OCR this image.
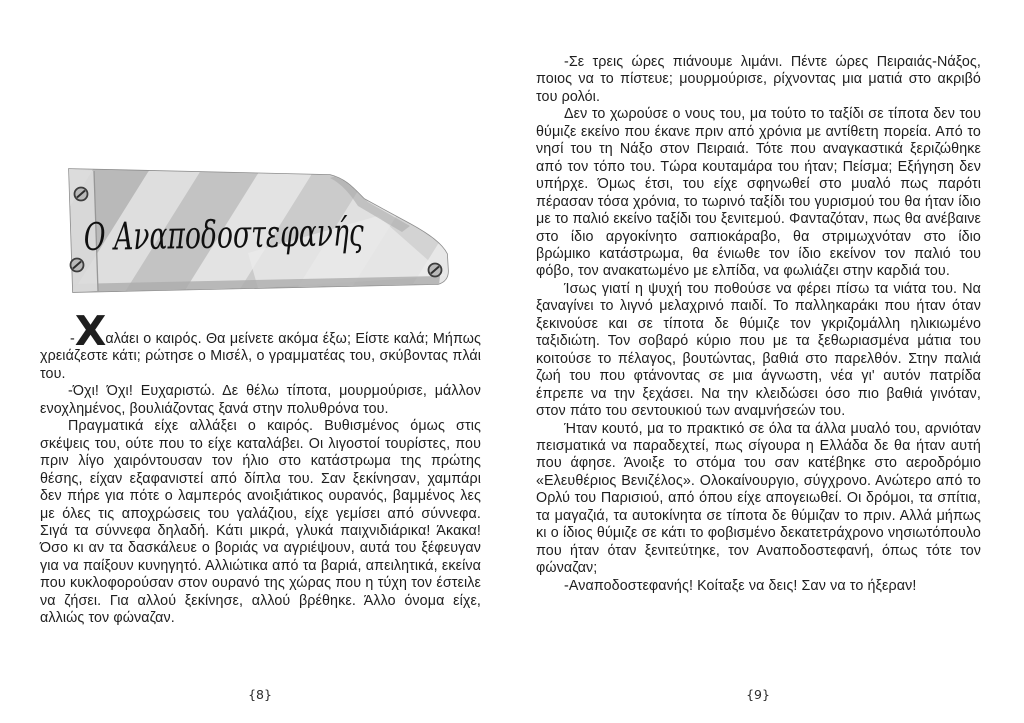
Ο Αναποδοστεφανής

-Χαλάει ο καιρός. Θα μείνετε ακόμα έξω; Είστε καλά; Μήπως χρειάζεστε κάτι; ρώτησε ο Μισέλ, ο γραμματέας του, σκύβοντας πλάι του.

-Όχι! Όχι! Ευχαριστώ. Δε θέλω τίποτα, μουρμούρισε, μάλλον ενοχλημένος, βουλιάζοντας ξανά στην πολυθρόνα του.

Πραγματικά είχε αλλάξει ο καιρός. Βυθισμένος όμως στις σκέψεις του, ούτε που το είχε καταλάβει. Οι λιγοστοί τουρίστες, που πριν λίγο χαιρόντουσαν τον ήλιο στο κατάστρωμα της πρώτης θέσης, είχαν εξαφανιστεί από δίπλα του. Σαν ξεκίνησαν, χαμπάρι δεν πήρε για πότε ο λαμπερός ανοιξιάτικος ουρανός, βαμμένος λες με όλες τις αποχρώσεις του γαλάζιου, είχε γεμίσει από σύννεφα. Σιγά τα σύννεφα δηλαδή. Κάτι μικρά, γλυκά παιχνιδιάρικα! Άκακα! Όσο κι αν τα δασκάλευε ο βοριάς να αγριέψουν, αυτά του ξέφευγαν για να παίξουν κυνηγητό. Αλλιώτικα από τα βαριά, απειλητικά, εκείνα που κυκλοφορούσαν στον ουρανό της χώρας που η τύχη τον έστειλε να ζήσει. Για αλλού ξεκίνησε, αλλού βρέθηκε. Άλλο όνομα είχε, αλλιώς τον φώναζαν.

{8}

-Σε τρεις ώρες πιάνουμε λιμάνι. Πέντε ώρες Πειραιάς-Νάξος, ποιος να το πίστευε; μουρμούρισε, ρίχνοντας μια ματιά στο ακριβό του ρολόι.

Δεν το χωρούσε ο νους του, μα τούτο το ταξίδι σε τίποτα δεν του θύμιζε εκείνο που έκανε πριν από χρόνια με αντίθετη πορεία. Από το νησί του τη Νάξο στον Πειραιά. Τότε που αναγκαστικά ξεριζώθηκε από τον τόπο του. Τώρα κουταμάρα του ήταν; Πείσμα; Εξήγηση δεν υπήρχε. Όμως έτσι, του είχε σφηνωθεί στο μυαλό πως παρότι πέρασαν τόσα χρόνια, το τωρινό ταξίδι του γυρισμού του θα ήταν ίδιο με το παλιό εκείνο ταξίδι του ξενιτεμού. Φανταζόταν, πως θα ανέβαινε στο ίδιο αργοκίνητο σαπιοκάραβο, θα στριμωχνόταν στο ίδιο βρώμικο κατάστρωμα, θα ένιωθε τον ίδιο εκείνον τον παλιό του φόβο, τον ανακατωμένο με ελπίδα, να φωλιάζει στην καρδιά του.

Ίσως γιατί η ψυχή του ποθούσε να φέρει πίσω τα νιάτα του. Να ξαναγίνει το λιγνό μελαχρινό παιδί. Το παλληκαράκι που ήταν όταν ξεκινούσε και σε τίποτα δε θύμιζε τον γκριζομάλλη ηλικιωμένο ταξιδιώτη. Τον σοβαρό κύριο που με τα ξεθωριασμένα μάτια του κοιτούσε το πέλαγος, βουτώντας, βαθιά στο παρελθόν. Στην παλιά ζωή του που φτάνοντας σε μια άγνωστη, νέα γι' αυτόν πατρίδα έπρεπε να την ξεχάσει. Να την κλειδώσει όσο πιο βαθιά γινόταν, στον πάτο του σεντουκιού των αναμνήσεών του.

Ήταν κουτό, μα το πρακτικό σε όλα τα άλλα μυαλό του, αρνιόταν πεισματικά να παραδεχτεί, πως σίγουρα η Ελλάδα δε θα ήταν αυτή που άφησε. Άνοιξε το στόμα του σαν κατέβηκε στο αεροδρόμιο «Ελευθέριος Βενιζέλος». Ολοκαίνουργιο, σύγχρονο. Ανώτερο από το Ορλύ του Παρισιού, από όπου είχε απογειωθεί. Οι δρόμοι, τα σπίτια, τα μαγαζιά, τα αυτοκίνητα σε τίποτα δε θύμιζαν το πριν. Αλλά μήπως κι ο ίδιος θύμιζε σε κάτι το φοβισμένο δεκατετράχρονο νησιωτόπουλο που ήταν όταν ξενιτεύτηκε, τον Αναποδοστεφανή, όπως τότε τον φώναζαν;

-Αναποδοστεφανής! Κοίταξε να δεις! Σαν να το ήξεραν!

{9}
